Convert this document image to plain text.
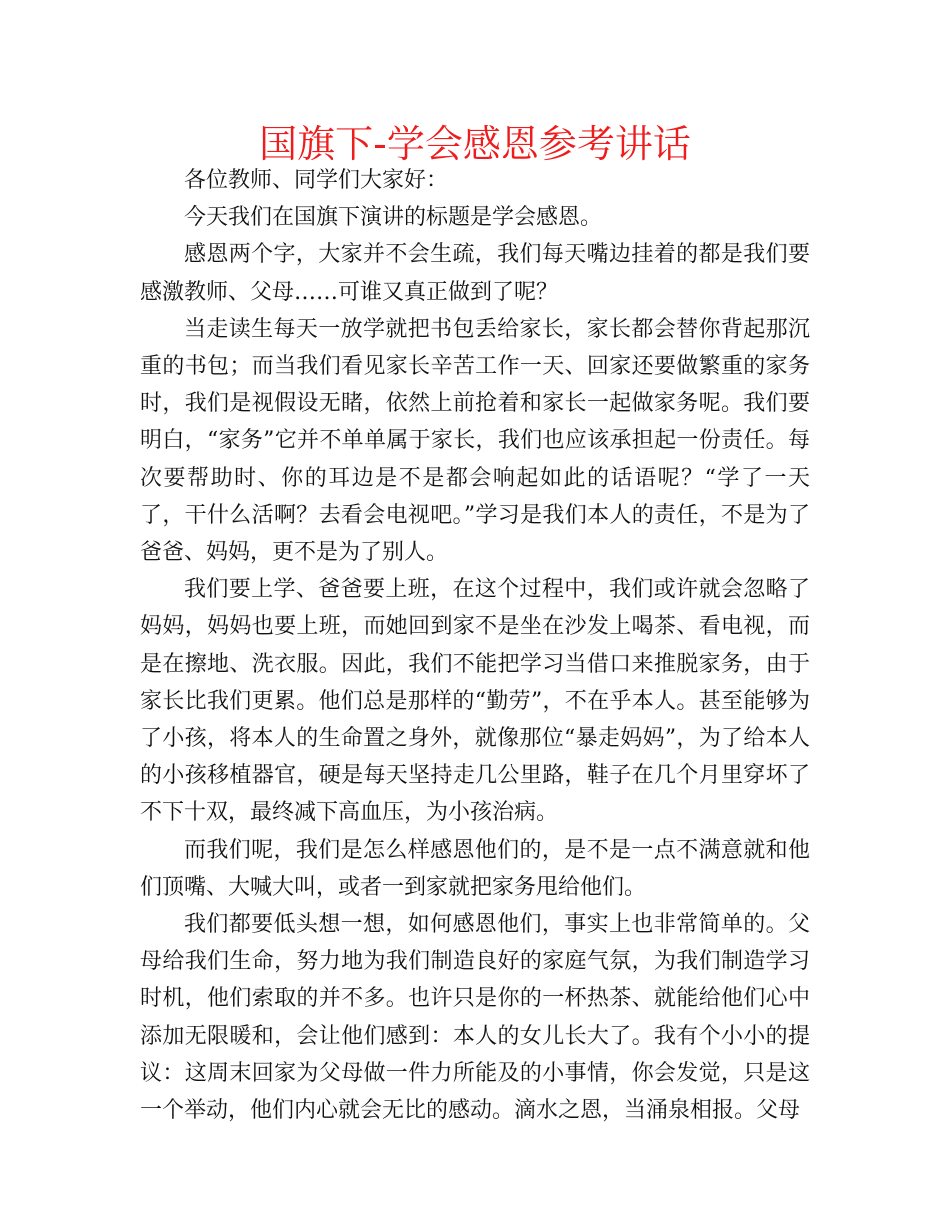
国旗下-学会感恩参考讲话

各位教师、同学们大家好：

今天我们在国旗下演讲的标题是学会感恩。

感恩两个字，大家并不会生疏，我们每天嘴边挂着的都是我们要感激教师、父母……可谁又真正做到了呢？

当走读生每天一放学就把书包丢给家长，家长都会替你背起那沉重的书包；而当我们看见家长辛苦工作一天、回家还要做繁重的家务时，我们是视假设无睹，依然上前抢着和家长一起做家务呢。我们要明白，“家务”它并不单单属于家长，我们也应该承担起一份责任。每次要帮助时、你的耳边是不是都会响起如此的话语呢？“学了一天了，干什么活啊？去看会电视吧。”学习是我们本人的责任，不是为了爸爸、妈妈，更不是为了别人。

我们要上学、爸爸要上班，在这个过程中，我们或许就会忽略了妈妈，妈妈也要上班，而她回到家不是坐在沙发上喝茶、看电视，而是在擦地、洗衣服。因此，我们不能把学习当借口来推脱家务，由于家长比我们更累。他们总是那样的“勤劳”，不在乎本人。甚至能够为了小孩，将本人的生命置之身外，就像那位“暴走妈妈”，为了给本人的小孩移植器官，硬是每天坚持走几公里路，鞋子在几个月里穿坏了不下十双，最终减下高血压，为小孩治病。

而我们呢，我们是怎么样感恩他们的，是不是一点不满意就和他们顶嘴、大喊大叫，或者一到家就把家务甩给他们。

我们都要低头想一想，如何感恩他们，事实上也非常简单的。父母给我们生命，努力地为我们制造良好的家庭气氛，为我们制造学习时机，他们索取的并不多。也许只是你的一杯热茶、就能给他们心中添加无限暖和，会让他们感到：本人的女儿长大了。我有个小小的提议：这周末回家为父母做一件力所能及的小事情，你会发觉，只是这一个举动，他们内心就会无比的感动。滴水之恩，当涌泉相报。父母
